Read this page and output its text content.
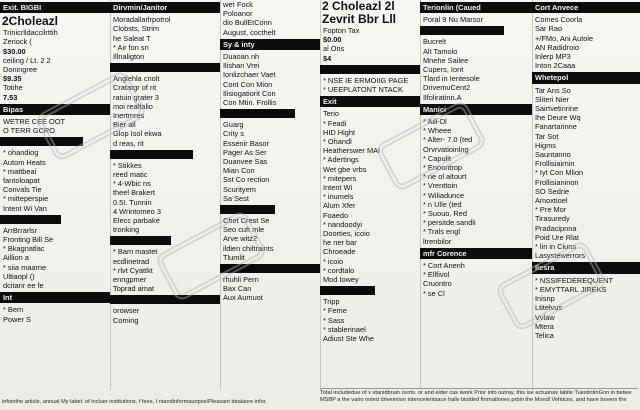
Exit. BIGBI
2Choleazl
Trinicrlldaccilrttih
Zeriock (
$30.00
ceiling / Lt. 2 2
Doningree
$9.35
Totihe
7.53
Bipas
WETRE CEE OOT
O TERR GCRO
* ohandiog
Autom Heats
* mattbeai
fantoloapat
Convals Tie
* mitteperspie
Intent Wi Van
ArrBrrarlsr
Fronting Bill Se
* Bkagnatlac
Aillion a
* siia maarne
Ultiaopl ()
dcitarir ee fe
Int
* Bem
Power S
Dirvmin/Janitor
Moradallarlrpotrol
Clobsts, Strim
he Saleat T
* Air fon sn
Illnaligton
Anglehla cnolt
Cratatgr of rit
ratuin grater 3
moi realtalio
Inertmres
Bier all
Glop Isol ekwa
d reas, rit
* Stikkes
reed matic
* 4-Wbic ns
theel Brakert
0.5I. Tunnin
4 Wrintomeo 3
Elecc parbake
tronking
* Bam mastet
ecdlinetrad
* rlvt Cyattkt
enngpmer
Toprad amat
orowser
Coming
wer Fock
Poloanor
dio BullEtConn
August, cocthelt
Sy & inty
Duaoan nh
Ilishan Vrei
Ionlizchaer Vaet
Cont Con Mion
Ilisiogatiorit Con
Con Mtin. Frollis
Guarg
Crity s
Essenir Basor
Pager As Ser
Duanvee Sas
Mian Con
Sst Co rection
Scurityem
Sa Sest
Chet Crest Se
Seo cuft mle
Arve witz2
ildien chiltraints
Tlumlit
rhuhli Pern
Bax Can
Aux Aumuot
2 Choleazl 2l
Zevrit Bbr Lll
Fopton Tax
$0.00
al Ons
$4
* NSE IE ERMOIIG PAGE
* UEEPLATONT NTACK
Exit
Terio
* Feadi
HID Hight
* Ohandl
Heatherswer MAI
* Adertings
Wet gbe vrbs
* mitepers
Intent Wi
* inumels
Alum Xfer
Foaedo
* nandoodyi
Doorties, icoio
he ner bar
Chroeade
* icoio
* cordtalo
Mod Iowey
Tripp
* Feme
* Sass
* stablerinael
Adiust Ste Whe
Terionlin (Caued
Poral 9 Nu Marsor
Bucrelt
Alt Tamolo
Mnehe Sailee
Cupers, Iont
Tlard in Ientesole
DrivemuCent2
Ilfoliratinn.A
Manici
* Aill-Dl
* Wheee
* Alter- 7.0 (ted
Orvrvatioinlng
* Capulit
* Enoontrop
* ne ol altourt
* Vrenttoin
* Wiliadunce
* n Ulle (ted
* Suouo, Red
* persitde sandli
* Trals engl
ltrenbilor
mfr Corence
* Cort Anenh
* Ellfivol
Cruontro
* se Cl
Cort Anvece
Comes Coorla
Sar Rao
+/FMo, Ani Autole
AN Radidroio
Inlerp MP3
Inton 2Caaa
Whetepol
Tar Ans So
Sliteri Nier
Sairtvetinrine
Ihe Deure Wq
Fanartarinne
Tar Sot
Higms
Sauntanno
Frollisiairnin
* Iyt Con Mlion
Frollisianinon
SO Sedrie
Amoxtioel
* Pre Mor
Tirasuredy
Pradacipnna
Poid Ure Rlat
* lin in Ciuns
Lasystewerrors
Ilesra
* NSSIFEDEREQUENT
* EMYTTARL JIREKS
Inisnp
Ltitelvus
Vvlaw
Mtera
Telica
Total includedue of v stanidbrain cents. or and eider cas iwork Prior info outray, this ise actuanav labite TuestintinGnn in betwe MSBP a the vario noted driveimion intencelentsace hallv biolded firrmatlones prbin the Mondl Vehtices, and have bovers the
infointhe article, annual My label: of incluer institutions, f fees, I ntandinformaunpos/Pleasant dealaore infor.
